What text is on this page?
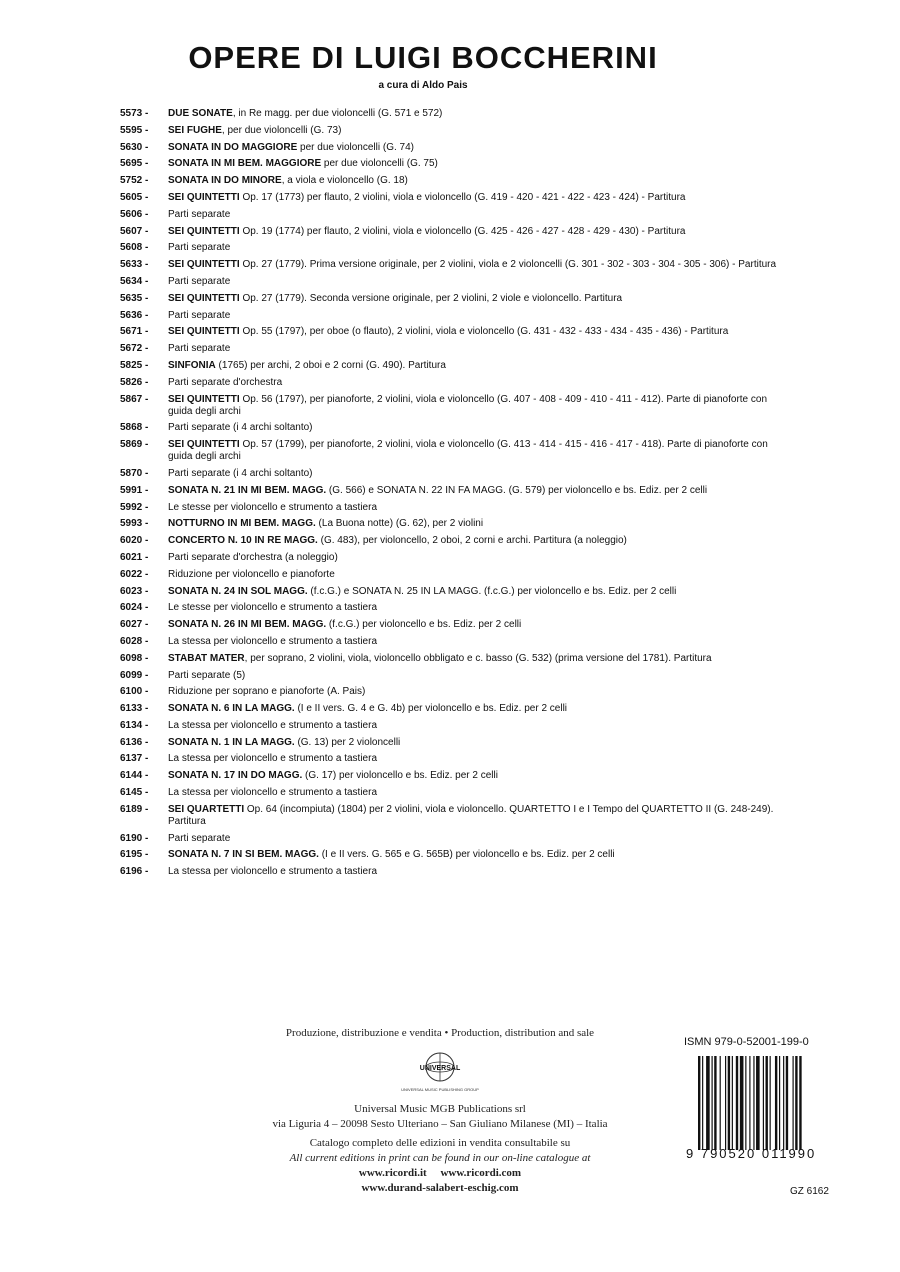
OPERE DI LUIGI BOCCHERINI
a cura di Aldo Pais
5573 -	DUE SONATE, in Re magg. per due violoncelli (G. 571 e 572)
5595 -	SEI FUGHE, per due violoncelli (G. 73)
5630 -	SONATA IN DO MAGGIORE per due violoncelli (G. 74)
5695 -	SONATA IN MI BEM. MAGGIORE per due violoncelli (G. 75)
5752 -	SONATA IN DO MINORE, a viola e violoncello (G. 18)
5605 -	SEI QUINTETTI Op. 17 (1773) per flauto, 2 violini, viola e violoncello (G. 419 - 420 - 421 - 422 - 423 - 424) - Partitura
5606 -	Parti separate
5607 -	SEI QUINTETTI Op. 19 (1774) per flauto, 2 violini, viola e violoncello (G. 425 - 426 - 427 - 428 - 429 - 430) - Partitura
5608 -	Parti separate
5633 -	SEI QUINTETTI Op. 27 (1779). Prima versione originale, per 2 violini, viola e 2 violoncelli (G. 301 - 302 - 303 - 304 - 305 - 306) - Partitura
5634 -	Parti separate
5635 -	SEI QUINTETTI Op. 27 (1779). Seconda versione originale, per 2 violini, 2 viole e violoncello. Partitura
5636 -	Parti separate
5671 -	SEI QUINTETTI Op. 55 (1797), per oboe (o flauto), 2 violini, viola e violoncello (G. 431 - 432 - 433 - 434 - 435 - 436) - Partitura
5672 -	Parti separate
5825 -	SINFONIA (1765) per archi, 2 oboi e 2 corni (G. 490). Partitura
5826 -	Parti separate d'orchestra
5867 -	SEI QUINTETTI Op. 56 (1797), per pianoforte, 2 violini, viola e violoncello (G. 407 - 408 - 409 - 410 - 411 - 412). Parte di pianoforte con guida degli archi
5868 -	Parti separate (i 4 archi soltanto)
5869 -	SEI QUINTETTI Op. 57 (1799), per pianoforte, 2 violini, viola e violoncello (G. 413 - 414 - 415 - 416 - 417 - 418). Parte di pianoforte con guida degli archi
5870 -	Parti separate (i 4 archi soltanto)
5991 -	SONATA N. 21 IN MI BEM. MAGG. (G. 566) e SONATA N. 22 IN FA MAGG. (G. 579) per violoncello e bs. Ediz. per 2 celli
5992 -	Le stesse per violoncello e strumento a tastiera
5993 -	NOTTURNO IN MI BEM. MAGG. (La Buona notte) (G. 62), per 2 violini
6020 -	CONCERTO N. 10 IN RE MAGG. (G. 483), per violoncello, 2 oboi, 2 corni e archi. Partitura (a noleggio)
6021 -	Parti separate d'orchestra (a noleggio)
6022 -	Riduzione per violoncello e pianoforte
6023 -	SONATA N. 24 IN SOL MAGG. (f.c.G.) e SONATA N. 25 IN LA MAGG. (f.c.G.) per violoncello e bs. Ediz. per 2 celli
6024 -	Le stesse per violoncello e strumento a tastiera
6027 -	SONATA N. 26 IN MI BEM. MAGG. (f.c.G.) per violoncello e bs. Ediz. per 2 celli
6028 -	La stessa per violoncello e strumento a tastiera
6098 -	STABAT MATER, per soprano, 2 violini, viola, violoncello obbligato e c. basso (G. 532) (prima versione del 1781). Partitura
6099 -	Parti separate (5)
6100 -	Riduzione per soprano e pianoforte (A. Pais)
6133 -	SONATA N. 6 IN LA MAGG. (I e II vers. G. 4 e G. 4b) per violoncello e bs. Ediz. per 2 celli
6134 -	La stessa per violoncello e strumento a tastiera
6136 -	SONATA N. 1 IN LA MAGG. (G. 13) per 2 violoncelli
6137 -	La stessa per violoncello e strumento a tastiera
6144 -	SONATA N. 17 IN DO MAGG. (G. 17) per violoncello e bs. Ediz. per 2 celli
6145 -	La stessa per violoncello e strumento a tastiera
6189 -	SEI QUARTETTI Op. 64 (incompiuta) (1804) per 2 violini, viola e violoncello. QUARTETTO I e I Tempo del QUARTETTO II (G. 248-249). Partitura
6190 -	Parti separate
6195 -	SONATA N. 7 IN SI BEM. MAGG. (I e II vers. G. 565 e G. 565B) per violoncello e bs. Ediz. per 2 celli
6196 -	La stessa per violoncello e strumento a tastiera
Produzione, distribuzione e vendita • Production, distribution and sale
UNIVERSAL
UNIVERSAL MUSIC PUBLISHING GROUP
Universal Music MGB Publications srl
via Liguria 4 – 20098 Sesto Ulteriano – San Giuliano Milanese (MI) – Italia
Catalogo completo delle edizioni in vendita consultabile su
All current editions in print can be found in our on-line catalogue at
www.ricordi.it www.ricordi.com
www.durand-salabert-eschig.com
ISMN 979-0-52001-199-0
9 790520 011990
GZ 6162
